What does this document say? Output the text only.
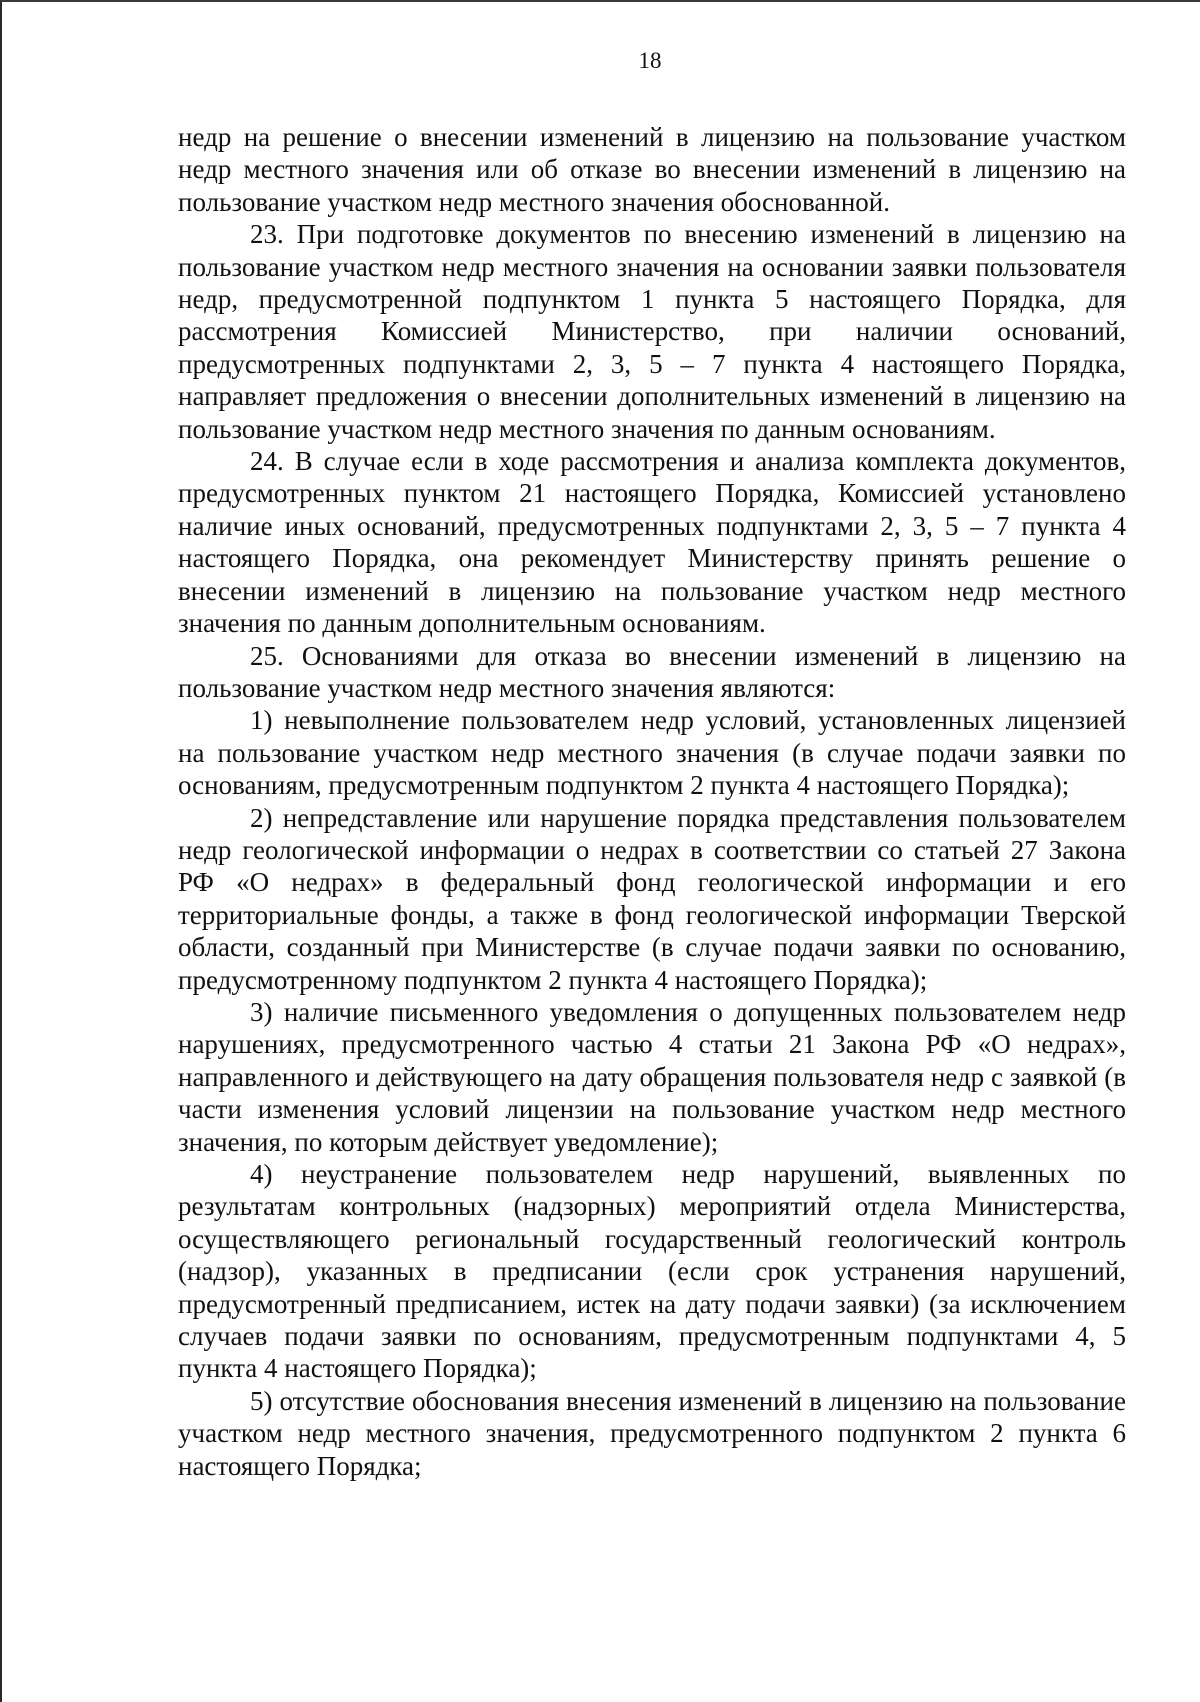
18

недр на решение о внесении изменений в лицензию на пользование участком недр местного значения или об отказе во внесении изменений в лицензию на пользование участком недр местного значения обоснованной.

23. При подготовке документов по внесению изменений в лицензию на пользование участком недр местного значения на основании заявки пользователя недр, предусмотренной подпунктом 1 пункта 5 настоящего Порядка, для рассмотрения Комиссией Министерство, при наличии оснований, предусмотренных подпунктами 2, 3, 5 – 7 пункта 4 настоящего Порядка, направляет предложения о внесении дополнительных изменений в лицензию на пользование участком недр местного значения по данным основаниям.

24. В случае если в ходе рассмотрения и анализа комплекта документов, предусмотренных пунктом 21 настоящего Порядка, Комиссией установлено наличие иных оснований, предусмотренных подпунктами 2, 3, 5 – 7 пункта 4 настоящего Порядка, она рекомендует Министерству принять решение о внесении изменений в лицензию на пользование участком недр местного значения по данным дополнительным основаниям.

25. Основаниями для отказа во внесении изменений в лицензию на пользование участком недр местного значения являются:

1) невыполнение пользователем недр условий, установленных лицензией на пользование участком недр местного значения (в случае подачи заявки по основаниям, предусмотренным подпунктом 2 пункта 4 настоящего Порядка);

2) непредставление или нарушение порядка представления пользователем недр геологической информации о недрах в соответствии со статьей 27 Закона РФ «О недрах» в федеральный фонд геологической информации и его территориальные фонды, а также в фонд геологической информации Тверской области, созданный при Министерстве (в случае подачи заявки по основанию, предусмотренному подпунктом 2 пункта 4 настоящего Порядка);

3) наличие письменного уведомления о допущенных пользователем недр нарушениях, предусмотренного частью 4 статьи 21 Закона РФ «О недрах», направленного и действующего на дату обращения пользователя недр с заявкой (в части изменения условий лицензии на пользование участком недр местного значения, по которым действует уведомление);

4) неустранение пользователем недр нарушений, выявленных по результатам контрольных (надзорных) мероприятий отдела Министерства, осуществляющего региональный государственный геологический контроль (надзор), указанных в предписании (если срок устранения нарушений, предусмотренный предписанием, истек на дату подачи заявки) (за исключением случаев подачи заявки по основаниям, предусмотренным подпунктами 4, 5 пункта 4 настоящего Порядка);

5) отсутствие обоснования внесения изменений в лицензию на пользование участком недр местного значения, предусмотренного подпунктом 2 пункта 6 настоящего Порядка;
